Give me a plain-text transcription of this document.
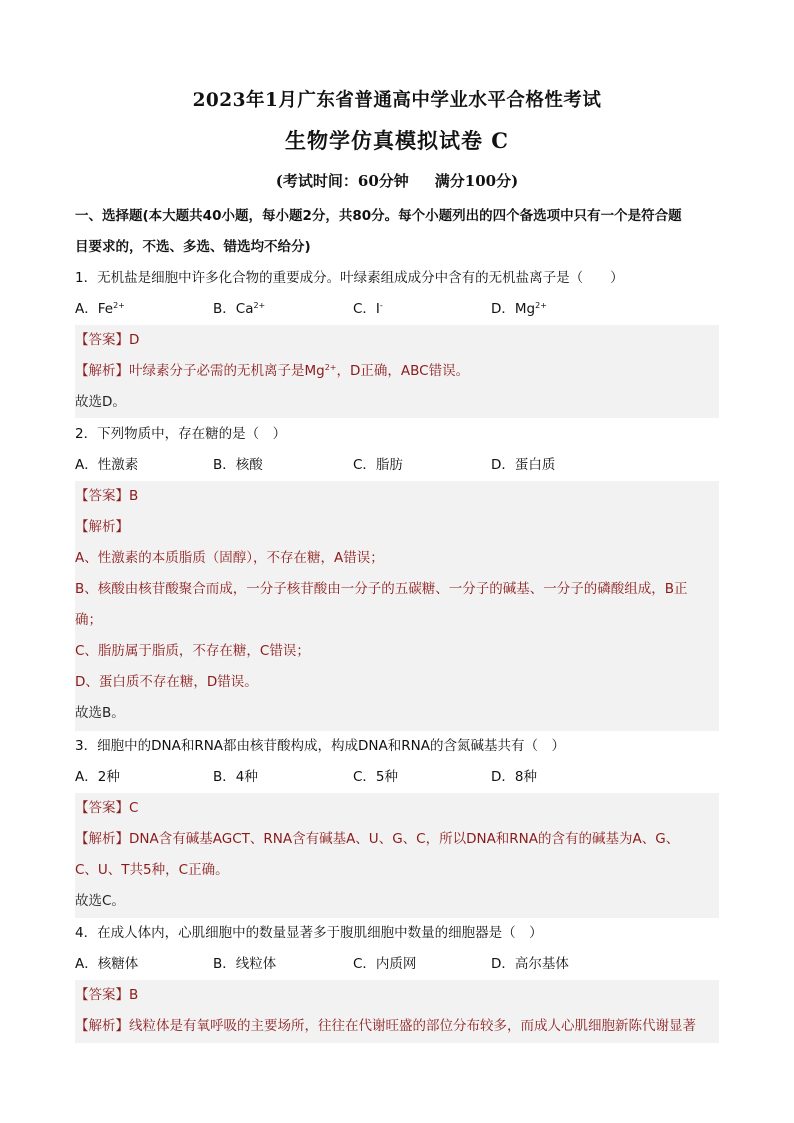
2023年1月广东省普通高中学业水平合格性考试
生物学仿真模拟试卷 C
(考试时间：60分钟 满分100分)
一、选择题(本大题共40小题，每小题2分，共80分。每个小题列出的四个备选项中只有一个是符合题
目要求的，不选、多选、错选均不给分)
1．无机盐是细胞中许多化合物的重要成分。叶绿素组成成分中含有的无机盐离子是（　　）
A．$Fe^{2+}$	B．$Ca^{2+}$	C．I-	D．$Mg^{2+}$
【答案】D
【解析】叶绿素分子必需的无机离子是$Mg^{2+}$，D正确，ABC错误。
故选D。
2．下列物质中，存在糖的是（　）
A．性激素	B．核酸	C．脂肪	D．蛋白质
【答案】B
【解析】
A、性激素的本质脂质（固醇），不存在糖，A错误；
B、核酸由核苷酸聚合而成，一分子核苷酸由一分子的五碳糖、一分子的碱基、一分子的磷酸组成，B正
确；
C、脂肪属于脂质，不存在糖，C错误；
D、蛋白质不存在糖，D错误。
故选B。
3．细胞中的DNA和RNA都由核苷酸构成，构成DNA和RNA的含氮碱基共有（　）
A．2种	B．4种	C．5种	D．8种
【答案】C
【解析】DNA含有碱基AGCT、RNA含有碱基A、U、G、C，所以DNA和RNA的含有的碱基为A、G、
C、U、T共5种，C正确。
故选C。
4．在成人体内，心肌细胞中的数量显著多于腹肌细胞中数量的细胞器是（　）
A．核糖体	B．线粒体	C．内质网	D．高尔基体
【答案】B
【解析】线粒体是有氧呼吸的主要场所，往往在代谢旺盛的部位分布较多，而成人心肌细胞新陈代谢显著
